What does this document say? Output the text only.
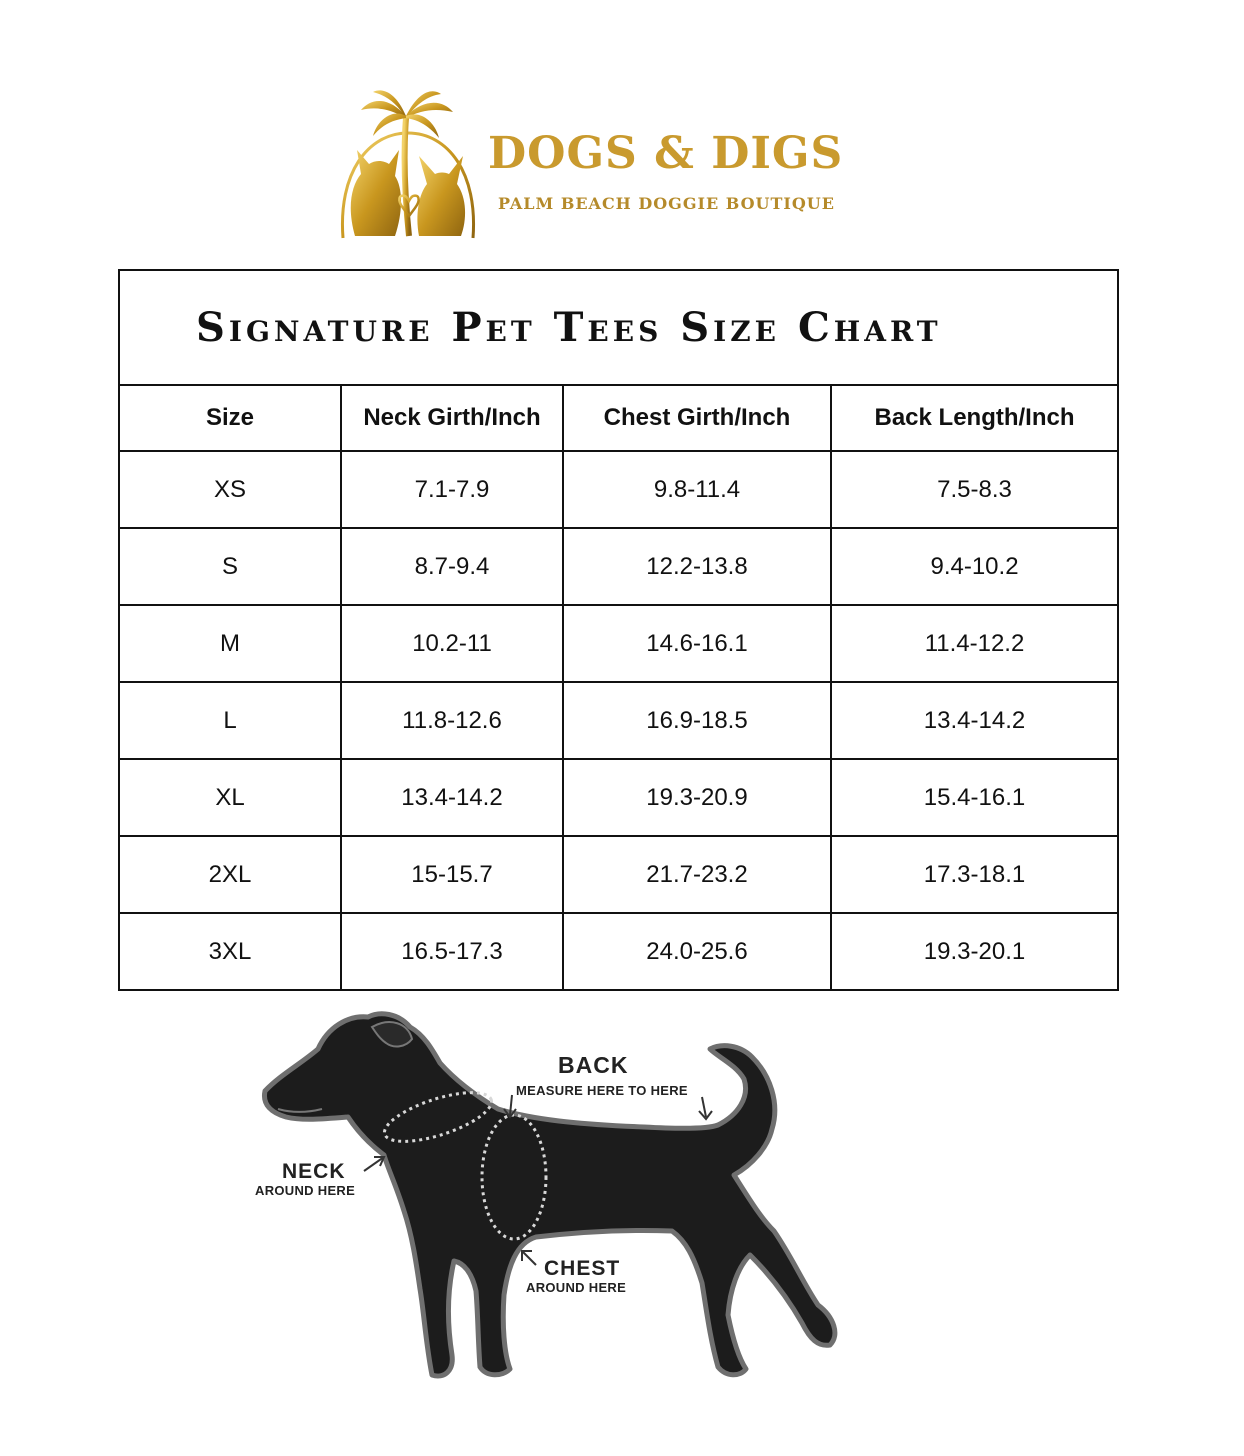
DOGS & DIGS
PALM BEACH DOGGIE BOUTIQUE
Signature Pet Tees Size Chart			
Size	Neck Girth/Inch	Chest Girth/Inch	Back Length/Inch
XS	7.1-7.9	9.8-11.4	7.5-8.3
S	8.7-9.4	12.2-13.8	9.4-10.2
M	10.2-11	14.6-16.1	11.4-12.2
L	11.8-12.6	16.9-18.5	13.4-14.2
XL	13.4-14.2	19.3-20.9	15.4-16.1
2XL	15-15.7	21.7-23.2	17.3-18.1
3XL	16.5-17.3	24.0-25.6	19.3-20.1
BACK
MEASURE HERE TO HERE
NECK
AROUND HERE
CHEST
AROUND HERE
